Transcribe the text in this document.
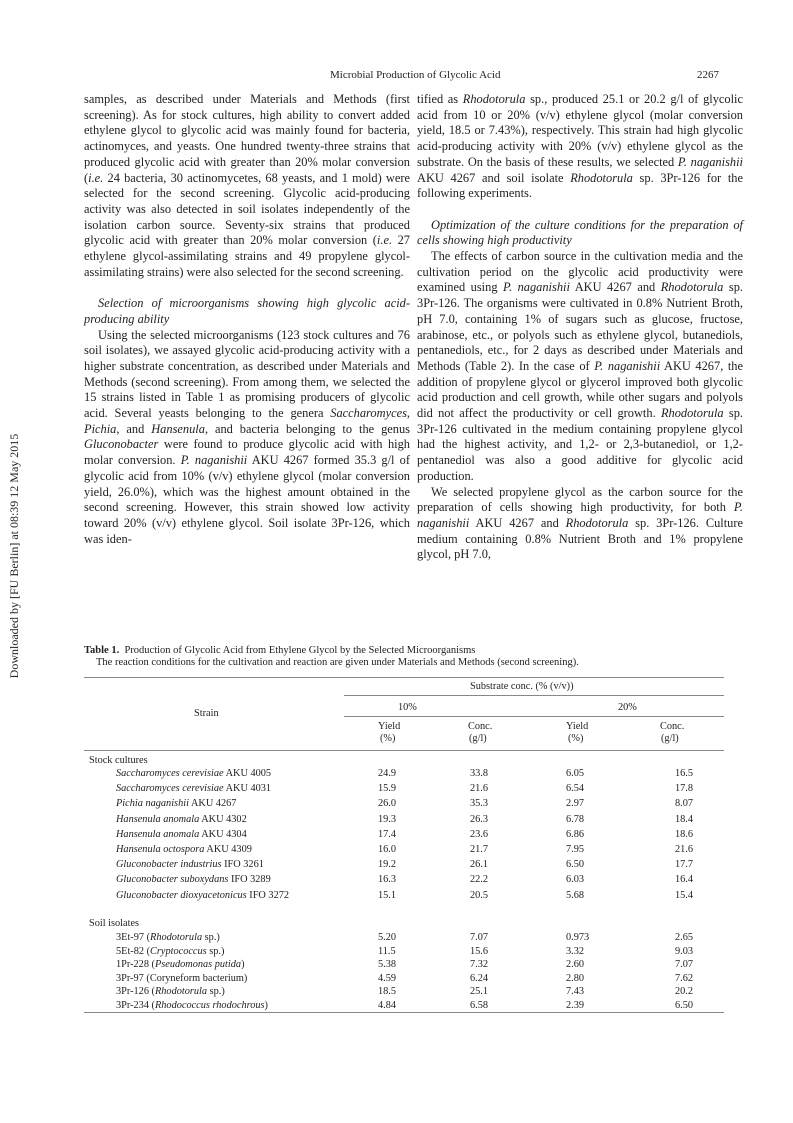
Microbial Production of Glycolic Acid	2267
Downloaded by [FU Berlin] at 08:39 12 May 2015

samples, as described under Materials and Methods (first screening). As for stock cultures, high ability to convert added ethylene glycol to glycolic acid was mainly found for bacteria, actinomyces, and yeasts. One hundred twenty-three strains that produced glycolic acid with greater than 20% molar conversion (i.e. 24 bacteria, 30 actinomycetes, 68 yeasts, and 1 mold) were selected for the second screening. Glycolic acid-producing activity was also detected in soil isolates independently of the isolation carbon source. Seventy-six strains that produced glycolic acid with greater than 20% molar conversion (i.e. 27 ethylene glycol-assimilating strains and 49 propylene glycol-assimilating strains) were also selected for the second screening.

Selection of microorganisms showing high glycolic acid-producing ability

Using the selected microorganisms (123 stock cultures and 76 soil isolates), we assayed glycolic acid-producing activity with a higher substrate concentration, as described under Materials and Methods (second screening). From among them, we selected the 15 strains listed in Table 1 as promising producers of glycolic acid. Several yeasts belonging to the genera Saccharomyces, Pichia, and Hansenula, and bacteria belonging to the genus Gluconobacter were found to produce glycolic acid with high molar conversion. P. naganishii AKU 4267 formed 35.3 g/l of glycolic acid from 10% (v/v) ethylene glycol (molar conversion yield, 26.0%), which was the highest amount obtained in the second screening. However, this strain showed low activity toward 20% (v/v) ethylene glycol. Soil isolate 3Pr-126, which was iden-

tified as Rhodotorula sp., produced 25.1 or 20.2 g/l of glycolic acid from 10 or 20% (v/v) ethylene glycol (molar conversion yield, 18.5 or 7.43%), respectively. This strain had high glycolic acid-producing activity with 20% (v/v) ethylene glycol as the substrate. On the basis of these results, we selected P. naganishii AKU 4267 and soil isolate Rhodotorula sp. 3Pr-126 for the following experiments.

Optimization of the culture conditions for the preparation of cells showing high productivity

The effects of carbon source in the cultivation media and the cultivation period on the glycolic acid productivity were examined using P. naganishii AKU 4267 and Rhodotorula sp. 3Pr-126. The organisms were cultivated in 0.8% Nutrient Broth, pH 7.0, containing 1% of sugars such as glucose, fructose, arabinose, etc., or polyols such as ethylene glycol, butanediols, pentanediols, etc., for 2 days as described under Materials and Methods (Table 2). In the case of P. naganishii AKU 4267, the addition of propylene glycol or glycerol improved both glycolic acid production and cell growth, while other sugars and polyols did not affect the productivity or cell growth. Rhodotorula sp. 3Pr-126 cultivated in the medium containing propylene glycol had the highest activity, and 1,2- or 2,3-butanediol, or 1,2-pentanediol was also a good additive for glycolic acid production.

We selected propylene glycol as the carbon source for the preparation of cells showing high productivity, for both P. naganishii AKU 4267 and Rhodotorula sp. 3Pr-126. Culture medium containing 0.8% Nutrient Broth and 1% propylene glycol, pH 7.0,

Table 1. Production of Glycolic Acid from Ethylene Glycol by the Selected Microorganisms
The reaction conditions for the cultivation and reaction are given under Materials and Methods (second screening).
Substrate conc. (% (v/v))
Strain
10%	20%
Yield
(%)
Conc.
(g/l)
Yield
(%)
Conc.
(g/l)
Stock cultures
Soil isolates
Saccharomyces cerevisiae AKU 4005	24.9	33.8	6.05	16.5
Saccharomyces cerevisiae AKU 4031	15.9	21.6	6.54	17.8
Pichia naganishii AKU 4267	26.0	35.3	2.97	8.07
Hansenula anomala AKU 4302	19.3	26.3	6.78	18.4
Hansenula anomala AKU 4304	17.4	23.6	6.86	18.6
Hansenula octospora AKU 4309	16.0	21.7	7.95	21.6
Gluconobacter industrius IFO 3261	19.2	26.1	6.50	17.7
Gluconobacter suboxydans IFO 3289	16.3	22.2	6.03	16.4
Gluconobacter dioxyacetonicus IFO 3272	15.1	20.5	5.68	15.4
3Et-97 (Rhodotorula sp.)	5.20	7.07	0.973	2.65
5Et-82 (Cryptococcus sp.)	11.5	15.6	3.32	9.03
1Pr-228 (Pseudomonas putida)	5.38	7.32	2.60	7.07
3Pr-97 (Coryneform bacterium)	4.59	6.24	2.80	7.62
3Pr-126 (Rhodotorula sp.)	18.5	25.1	7.43	20.2
3Pr-234 (Rhodococcus rhodochrous)	4.84	6.58	2.39	6.50
